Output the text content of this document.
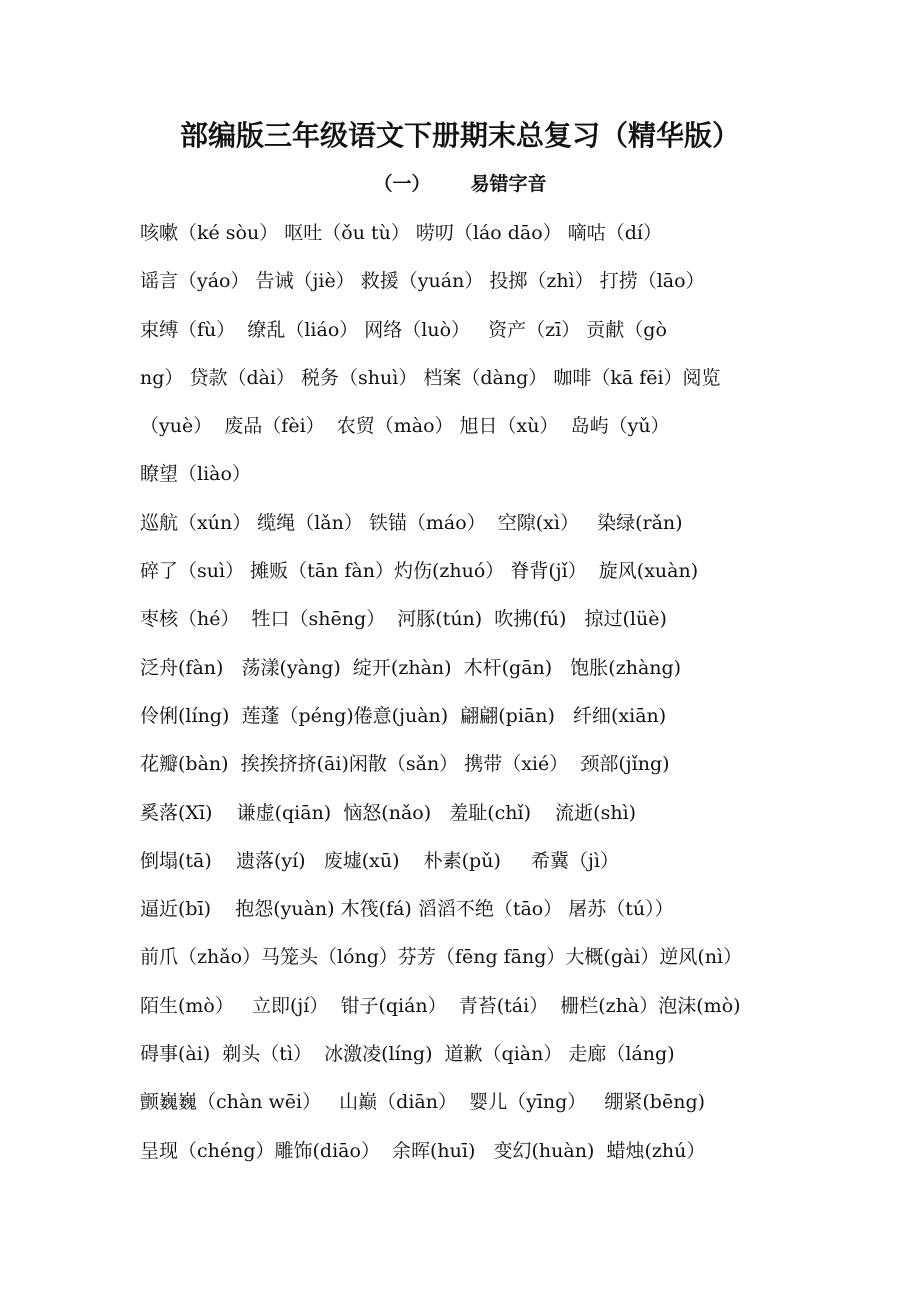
部编版三年级语文下册期末总复习（精华版）
（一） 易错字音
咳嗽（ké sòu） 呕吐（ǒu tù） 唠叨（láo dāo） 嘀咕（dí）
谣言（yáo） 告诫（jiè） 救援（yuán） 投掷（zhì） 打捞（lāo）
束缚（fù）  缭乱（liáo） 网络（luò）   资产（zī） 贡献（gò
ng） 贷款（dài） 税务（shuì） 档案（dàng） 咖啡（kā fēi）阅览
（yuè）  废品（fèi）  农贸（mào） 旭日（xù）  岛屿（yǔ）
瞭望（liào）
巡航（xún） 缆绳（lǎn） 铁锚（máo）  空隙(xì）   染绿(rǎn)
碎了（suì） 摊贩（tān fàn）灼伤(zhuó） 脊背(jǐ）  旋风(xuàn)
枣核（hé）  牲口（shēng）  河豚(tún)  吹拂(fú)   掠过(lüè)
泛舟(fàn)   荡漾(yàng)  绽开(zhàn)  木杆(gān)   饱胀(zhàng)
伶俐(líng)  莲蓬（péng)倦意(juàn)  翩翩(piān)   纤细(xiān)
花瓣(bàn)  挨挨挤挤(āi)闲散（sǎn） 携带（xié）  颈部(jǐng)
奚落(Xī)    谦虚(qiān)  恼怒(nǎo)   羞耻(chǐ)    流逝(shì)
倒塌(tā)    遗落(yí)   废墟(xū)    朴素(pǔ)     希冀（jì）
逼近(bī)    抱怨(yuàn) 木筏(fá) 滔滔不绝（tāo） 屠苏（tú））
前爪（zhǎo）马笼头（lóng）芬芳（fēng fāng）大概(gài）逆风(nì）
陌生(mò）   立即(jí）  钳子(qián）  青苔(tái）  栅栏(zhà）泡沫(mò)
碍事(ài)  剃头（tì）  冰激凌(líng)  道歉（qiàn） 走廊（láng)
颤巍巍（chàn wēi）   山巅（diān）  婴儿（yīng）   绷紧(bēng)
呈现（chéng）雕饰(diāo）  余晖(huī)   变幻(huàn)  蜡烛(zhú）
